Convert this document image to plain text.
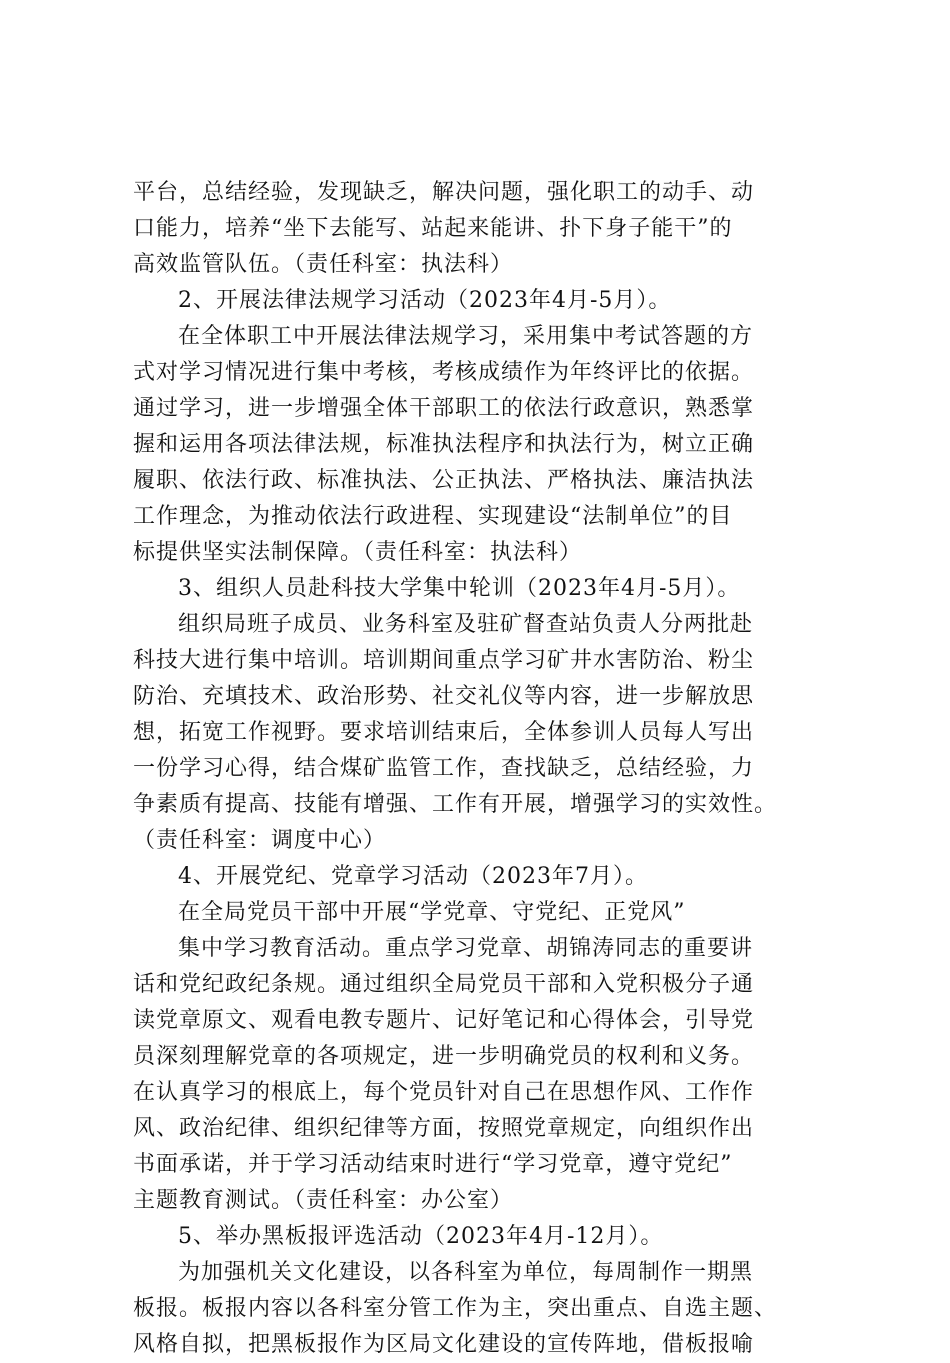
平台，总结经验，发现缺乏，解决问题，强化职工的动手、动
口能力，培养“坐下去能写、站起来能讲、扑下身子能干”的
高效监管队伍。（责任科室：执法科）
2、开展法律法规学习活动（2023年4月-5月）。
在全体职工中开展法律法规学习，采用集中考试答题的方
式对学习情况进行集中考核，考核成绩作为年终评比的依据。
通过学习，进一步增强全体干部职工的依法行政意识，熟悉掌
握和运用各项法律法规，标准执法程序和执法行为，树立正确
履职、依法行政、标准执法、公正执法、严格执法、廉洁执法
工作理念，为推动依法行政进程、实现建设“法制单位”的目
标提供坚实法制保障。（责任科室：执法科）
3、组织人员赴科技大学集中轮训（2023年4月-5月）。
组织局班子成员、业务科室及驻矿督查站负责人分两批赴
科技大进行集中培训。培训期间重点学习矿井水害防治、粉尘
防治、充填技术、政治形势、社交礼仪等内容，进一步解放思
想，拓宽工作视野。要求培训结束后，全体参训人员每人写出
一份学习心得，结合煤矿监管工作，查找缺乏，总结经验，力
争素质有提高、技能有增强、工作有开展，增强学习的实效性。
（责任科室：调度中心）
4、开展党纪、党章学习活动（2023年7月）。
在全局党员干部中开展“学党章、守党纪、正党风”
集中学习教育活动。重点学习党章、胡锦涛同志的重要讲
话和党纪政纪条规。通过组织全局党员干部和入党积极分子通
读党章原文、观看电教专题片、记好笔记和心得体会，引导党
员深刻理解党章的各项规定，进一步明确党员的权利和义务。
在认真学习的根底上，每个党员针对自己在思想作风、工作作
风、政治纪律、组织纪律等方面，按照党章规定，向组织作出
书面承诺，并于学习活动结束时进行“学习党章，遵守党纪”
主题教育测试。（责任科室：办公室）
5、举办黑板报评选活动（2023年4月-12月）。
为加强机关文化建设，以各科室为单位，每周制作一期黑
板报。板报内容以各科室分管工作为主，突出重点、自选主题、
风格自拟，把黑板报作为区局文化建设的宣传阵地，借板报喻
